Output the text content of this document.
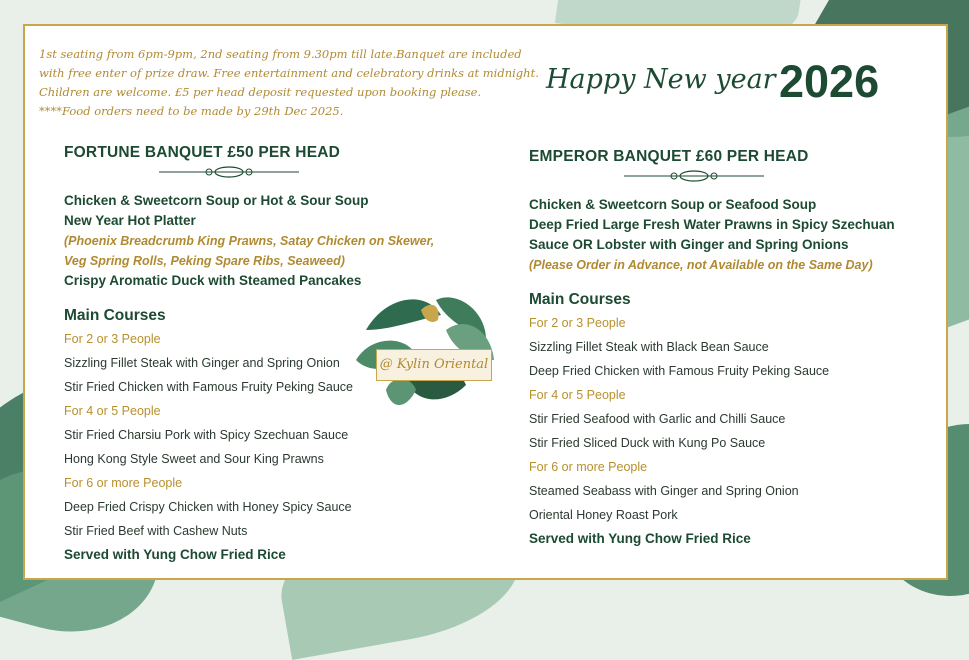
1st seating from 6pm-9pm, 2nd seating from 9.30pm till late.Banquet are included
with free enter of prize draw. Free entertainment and celebratory drinks at midnight.
Children are welcome. £5 per head deposit requested upon booking please.
****Food orders need to be made by 29th Dec 2025.
Happy New year 2026
FORTUNE BANQUET £50 PER HEAD
Chicken & Sweetcorn Soup or Hot & Sour Soup
New Year Hot Platter
(Phoenix Breadcrumb King Prawns, Satay Chicken on Skewer,
Veg Spring Rolls, Peking Spare Ribs, Seaweed)
Crispy Aromatic Duck with Steamed Pancakes
Main Courses
For 2 or 3 People
Sizzling Fillet Steak with Ginger and Spring Onion
Stir Fried Chicken with Famous Fruity Peking Sauce
For 4 or 5 People
Stir Fried Charsiu Pork with Spicy Szechuan Sauce
Hong Kong Style Sweet and Sour King Prawns
For 6 or more People
Deep Fried Crispy Chicken with Honey Spicy Sauce
Stir Fried Beef with Cashew Nuts
Served with Yung Chow Fried Rice
EMPEROR BANQUET £60 PER HEAD
Chicken & Sweetcorn Soup or Seafood Soup
Deep Fried Large Fresh Water Prawns in Spicy Szechuan
Sauce OR Lobster with Ginger and Spring Onions
(Please Order in Advance, not Available on the Same Day)
Main Courses
For 2 or 3 People
Sizzling Fillet Steak with Black Bean Sauce
Deep Fried Chicken with Famous Fruity Peking Sauce
For 4 or 5 People
Stir Fried Seafood with Garlic and Chilli Sauce
Stir Fried Sliced Duck with Kung Po Sauce
For 6 or more People
Steamed Seabass with Ginger and Spring Onion
Oriental Honey Roast Pork
Served with Yung Chow Fried Rice
@ Kylin Oriental
